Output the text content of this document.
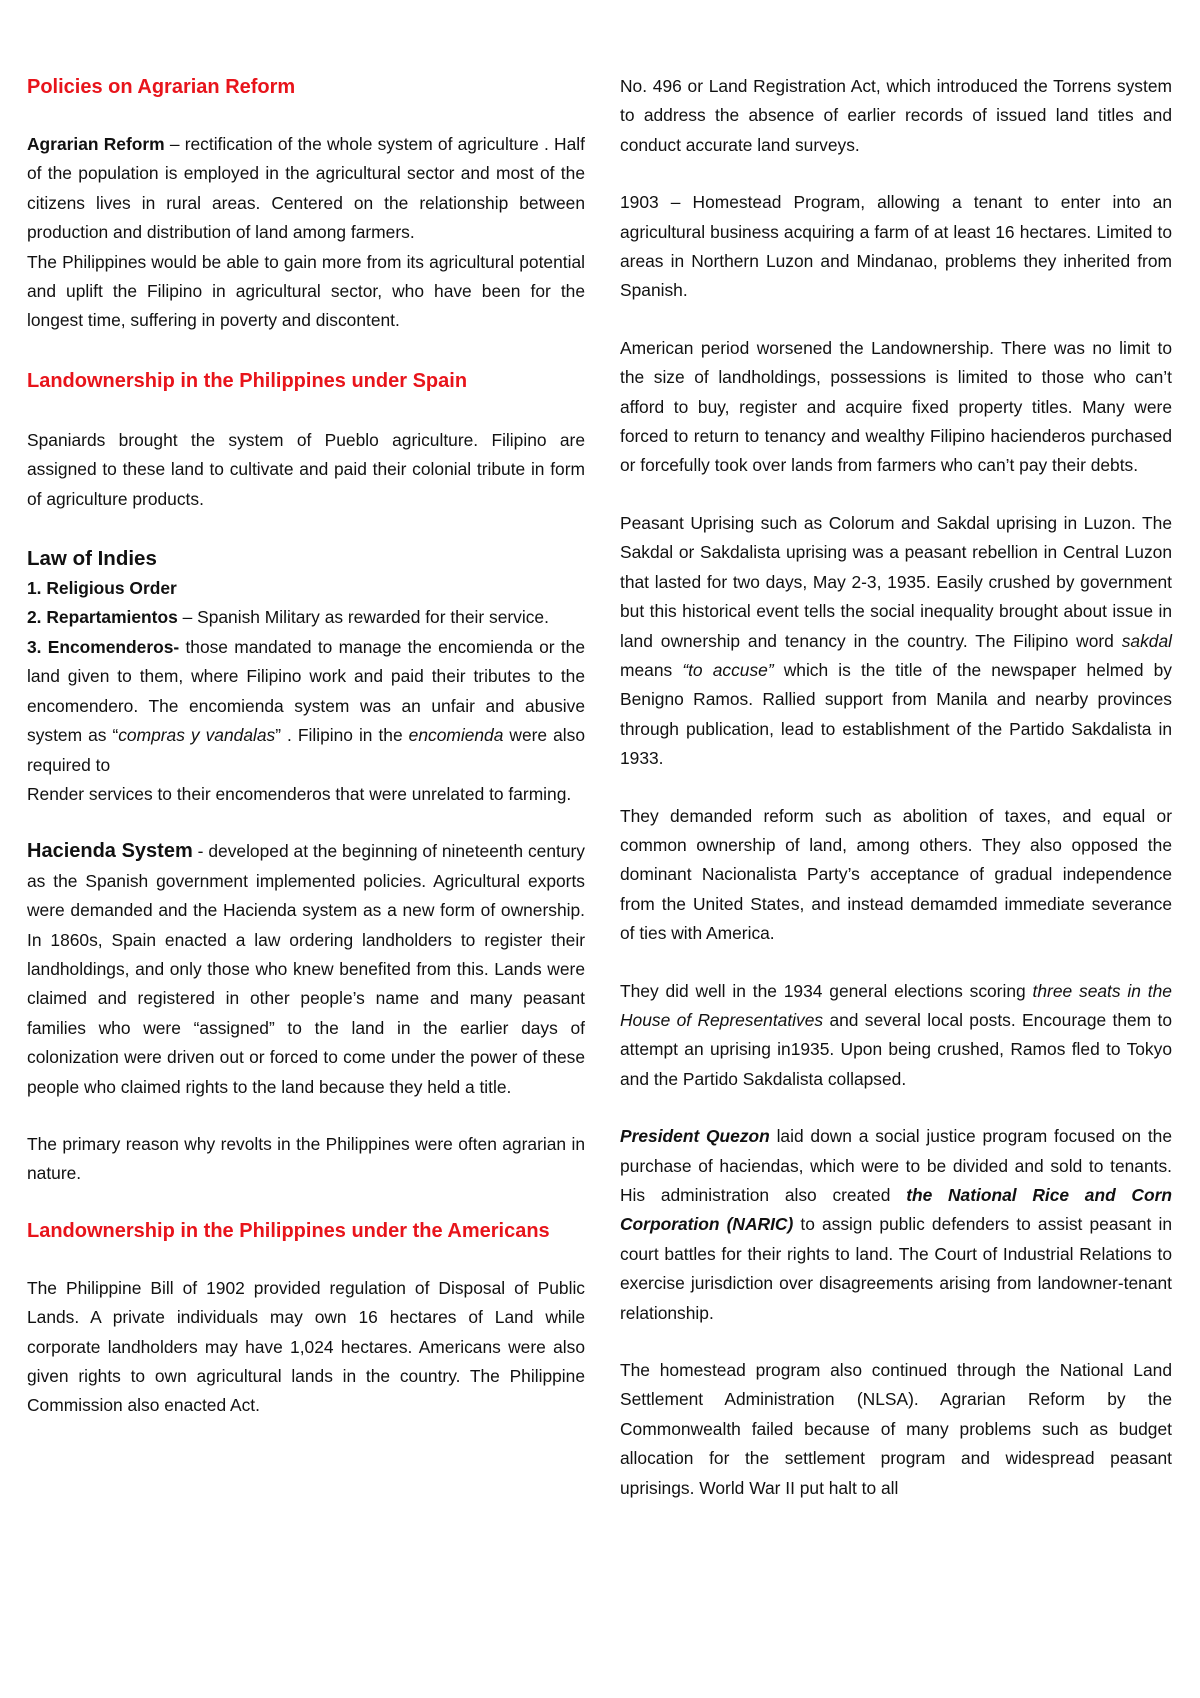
Policies on Agrarian Reform

Agrarian Reform – rectification of the whole system of agriculture . Half of the population is employed in the agricultural sector and most of the citizens lives in rural areas. Centered on the relationship between production and distribution of land among farmers.

The Philippines would be able to gain more from its agricultural potential and uplift the Filipino in agricultural sector, who have been for the longest time, suffering in poverty and discontent.

Landownership in the Philippines under Spain

Spaniards brought the system of Pueblo agriculture. Filipino are assigned to these land to cultivate and paid their colonial tribute in form of agriculture products.

Law of Indies

1. Religious Order

2. Repartamientos – Spanish Military as rewarded for their service.

3. Encomenderos- those mandated to manage the encomienda or the land given to them, where Filipino work and paid their tributes to the encomendero. The encomienda system was an unfair and abusive system as “compras y vandalas” . Filipino in the encomienda were also required to

Render services to their encomenderos that were unrelated to farming.

Hacienda System - developed at the beginning of nineteenth century as the Spanish government implemented policies. Agricultural exports were demanded and the Hacienda system as a new form of ownership. In 1860s, Spain enacted a law ordering landholders to register their landholdings, and only those who knew benefited from this. Lands were claimed and registered in other people’s name and many peasant families who were “assigned” to the land in the earlier days of colonization were driven out or forced to come under the power of these people who claimed rights to the land because they held a title.

The primary reason why revolts in the Philippines were often agrarian in nature.

Landownership in the Philippines under the Americans

The Philippine Bill of 1902 provided regulation of Disposal of Public Lands. A private individuals may own 16 hectares of Land while corporate landholders may have 1,024 hectares. Americans were also given rights to own agricultural lands in the country. The Philippine Commission also enacted Act.

No. 496 or Land Registration Act, which introduced the Torrens system to address the absence of earlier records of issued land titles and conduct accurate land surveys.

1903 – Homestead Program, allowing a tenant to enter into an agricultural business acquiring a farm of at least 16 hectares. Limited to areas in Northern Luzon and Mindanao, problems they inherited from Spanish.

American period worsened the Landownership. There was no limit to the size of landholdings, possessions is limited to those who can’t afford to buy, register and acquire fixed property titles. Many were forced to return to tenancy and wealthy Filipino hacienderos purchased or forcefully took over lands from farmers who can’t pay their debts.

Peasant Uprising such as Colorum and Sakdal uprising in Luzon. The Sakdal or Sakdalista uprising was a peasant rebellion in Central Luzon that lasted for two days, May 2-3, 1935. Easily crushed by government but this historical event tells the social inequality brought about issue in land ownership and tenancy in the country. The Filipino word sakdal means “to accuse” which is the title of the newspaper helmed by Benigno Ramos. Rallied support from Manila and nearby provinces through publication, lead to establishment of the Partido Sakdalista in 1933.

They demanded reform such as abolition of taxes, and equal or common ownership of land, among others. They also opposed the dominant Nacionalista Party’s acceptance of gradual independence from the United States, and instead demamded immediate severance of ties with America.

They did well in the 1934 general elections scoring three seats in the House of Representatives and several local posts. Encourage them to attempt an uprising in1935. Upon being crushed, Ramos fled to Tokyo and the Partido Sakdalista collapsed.

President Quezon laid down a social justice program focused on the purchase of haciendas, which were to be divided and sold to tenants. His administration also created the National Rice and Corn Corporation (NARIC) to assign public defenders to assist peasant in court battles for their rights to land. The Court of Industrial Relations to exercise jurisdiction over disagreements arising from landowner-tenant relationship.

The homestead program also continued through the National Land Settlement Administration (NLSA). Agrarian Reform by the Commonwealth failed because of many problems such as budget allocation for the settlement program and widespread peasant uprisings. World War II put halt to all
